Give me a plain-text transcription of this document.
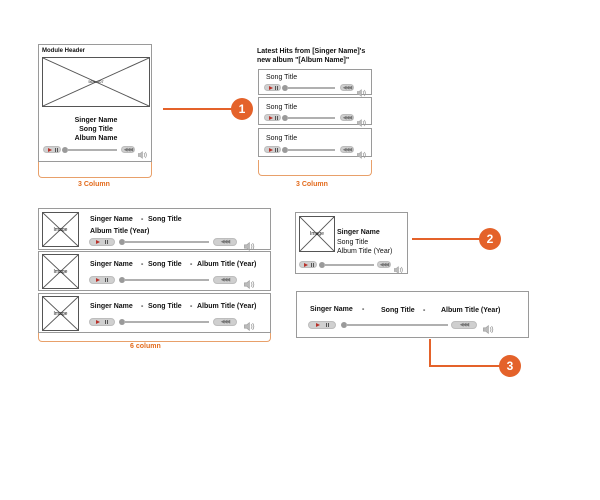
Module Header
569x107
Singer Name
Song Title
Album Name
◀◀◀
3 Column
1
Latest Hits from [Singer Name]'s
new album "[Album Name]"
Song Title
◀◀◀
Song Title
◀◀◀
Song Title
◀◀◀
3 Column
Image
Singer Name - Song Title
Album Title (Year)
◀◀◀
Image
Singer Name - Song Title - Album Title (Year)
◀◀◀
Image
Singer Name - Song Title - Album Title (Year)
◀◀◀
6 column
Image	Singer Name
Song Title
Album Title (Year)
◀◀◀
2
Singer Name - Song Title - Album Title (Year)
◀◀◀
3
